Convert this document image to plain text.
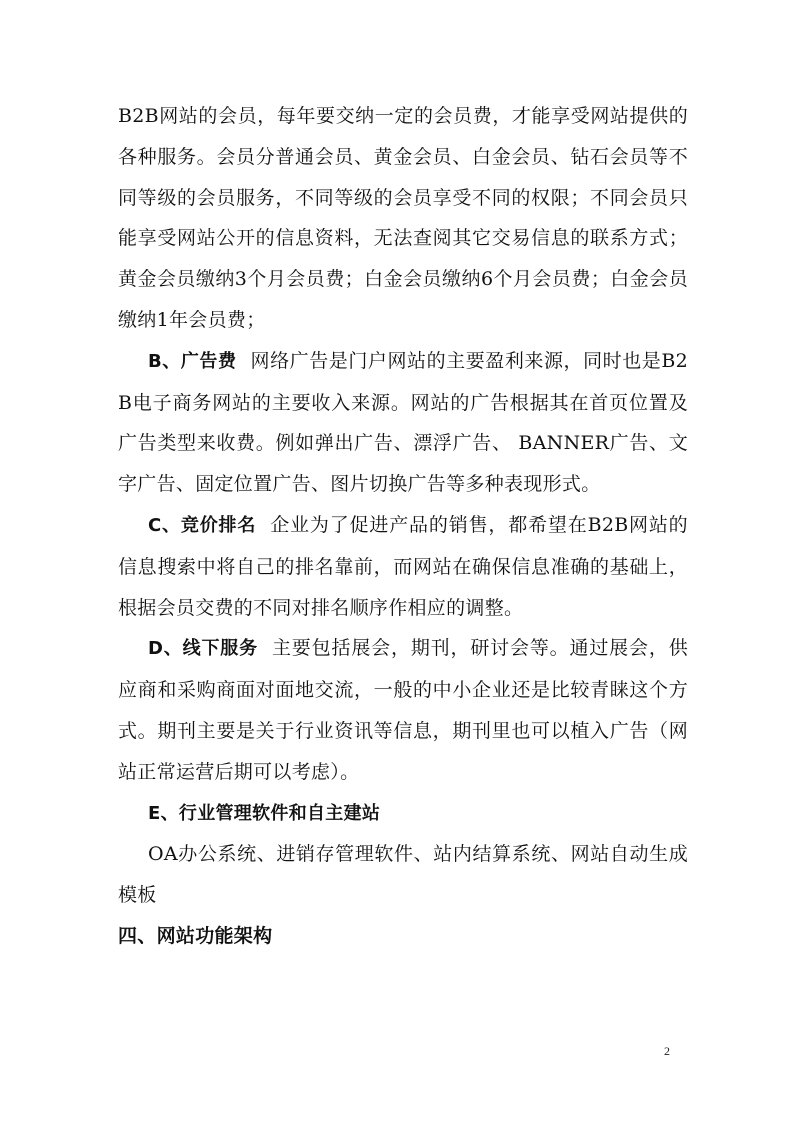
B2B网站的会员，每年要交纳一定的会员费，才能享受网站提供的各种服务。会员分普通会员、黄金会员、白金会员、钻石会员等不同等级的会员服务，不同等级的会员享受不同的权限；不同会员只能享受网站公开的信息资料，无法查阅其它交易信息的联系方式；黄金会员缴纳3个月会员费；白金会员缴纳6个月会员费；白金会员缴纳1年会员费；

B、广告费 网络广告是门户网站的主要盈利来源，同时也是B2B电子商务网站的主要收入来源。网站的广告根据其在首页位置及广告类型来收费。例如弹出广告、漂浮广告、 BANNER广告、文字广告、固定位置广告、图片切换广告等多种表现形式。

C、竞价排名 企业为了促进产品的销售，都希望在B2B网站的信息搜索中将自己的排名靠前，而网站在确保信息准确的基础上，根据会员交费的不同对排名顺序作相应的调整。

D、线下服务 主要包括展会，期刊，研讨会等。通过展会，供应商和采购商面对面地交流，一般的中小企业还是比较青睐这个方式。期刊主要是关于行业资讯等信息，期刊里也可以植入广告（网站正常运营后期可以考虑）。

E、行业管理软件和自主建站

OA办公系统、进销存管理软件、站内结算系统、网站自动生成模板

四、网站功能架构

2
